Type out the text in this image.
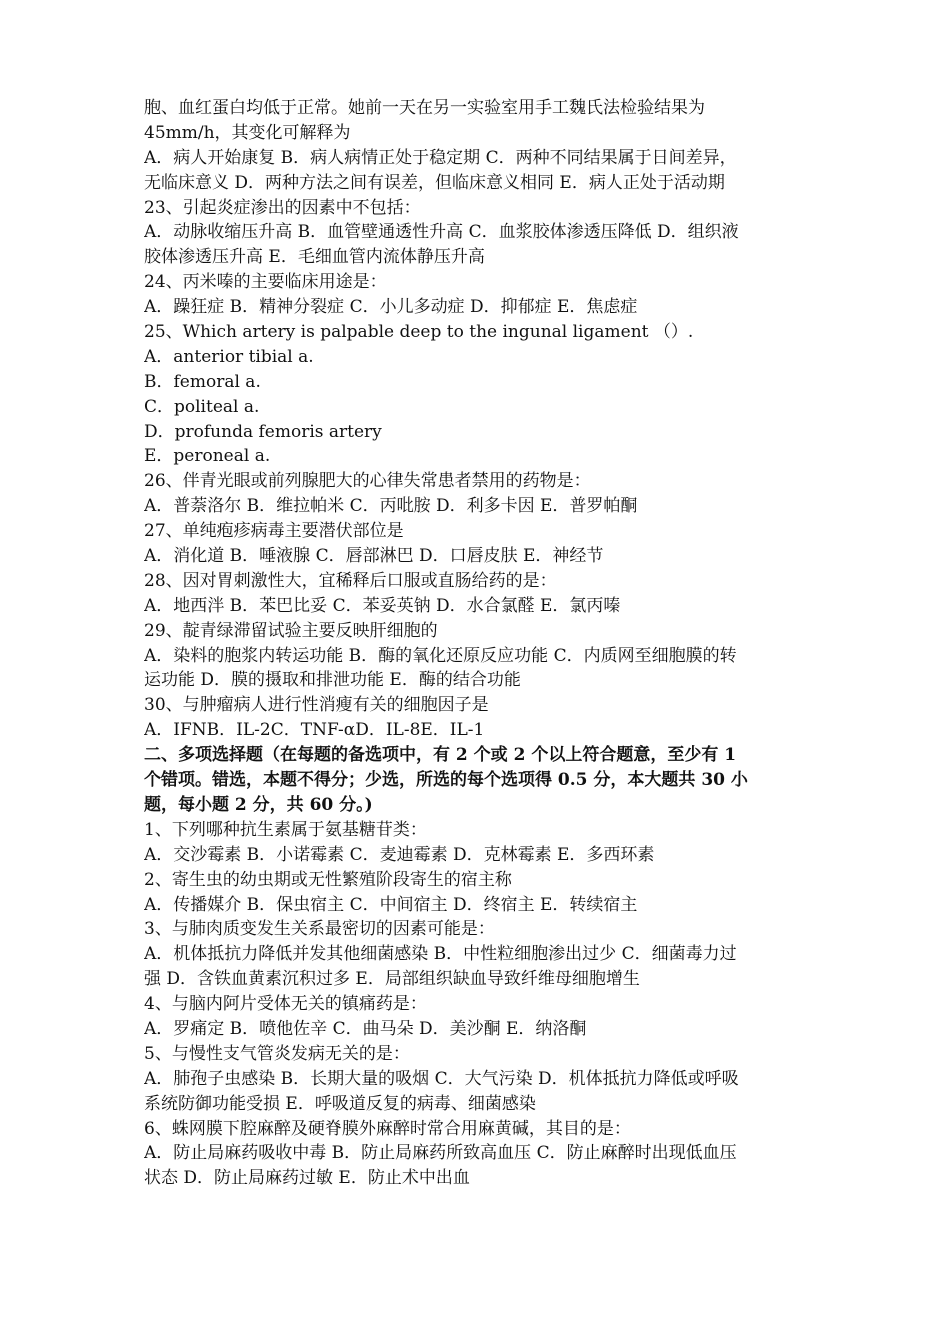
胞、血红蛋白均低于正常。她前一天在另一实验室用手工魏氏法检验结果为
45mm/h，其变化可解释为
A．病人开始康复 B．病人病情正处于稳定期 C．两种不同结果属于日间差异，
无临床意义 D．两种方法之间有误差，但临床意义相同 E．病人正处于活动期
23、引起炎症渗出的因素中不包括：
A．动脉收缩压升高 B．血管壁通透性升高 C．血浆胶体渗透压降低 D．组织液
胶体渗透压升高 E．毛细血管内流体静压升高
24、丙米嗪的主要临床用途是：
A．躁狂症 B．精神分裂症 C．小儿多动症 D．抑郁症 E．焦虑症
25、Which artery is palpable deep to the ingunal ligament （）.
A．anterior tibial a.
B．femoral a.
C．politeal a.
D．profunda femoris artery
E．peroneal a.
26、伴青光眼或前列腺肥大的心律失常患者禁用的药物是：
A．普萘洛尔 B．维拉帕米 C．丙吡胺 D．利多卡因 E．普罗帕酮
27、单纯疱疹病毒主要潜伏部位是
A．消化道 B．唾液腺 C．唇部淋巴 D．口唇皮肤 E．神经节
28、因对胃刺激性大，宜稀释后口服或直肠给药的是：
A．地西泮 B．苯巴比妥 C．苯妥英钠 D．水合氯醛 E．氯丙嗪
29、靛青绿滞留试验主要反映肝细胞的
A．染料的胞浆内转运功能 B．酶的氧化还原反应功能 C．内质网至细胞膜的转
运功能 D．膜的摄取和排泄功能 E．酶的结合功能
30、与肿瘤病人进行性消瘦有关的细胞因子是
A．IFNB．IL-2C．TNF-αD．IL-8E．IL-1
二、多项选择题（在每题的备选项中，有 2 个或 2 个以上符合题意，至少有 1
个错项。错选，本题不得分；少选，所选的每个选项得 0.5 分，本大题共 30 小
题，每小题 2 分，共 60 分。)
1、下列哪种抗生素属于氨基糖苷类：
A．交沙霉素 B．小诺霉素 C．麦迪霉素 D．克林霉素 E．多西环素
2、寄生虫的幼虫期或无性繁殖阶段寄生的宿主称
A．传播媒介 B．保虫宿主 C．中间宿主 D．终宿主 E．转续宿主
3、与肺肉质变发生关系最密切的因素可能是：
A．机体抵抗力降低并发其他细菌感染 B．中性粒细胞渗出过少 C．细菌毒力过
强 D．含铁血黄素沉积过多 E．局部组织缺血导致纤维母细胞增生
4、与脑内阿片受体无关的镇痛药是：
A．罗痛定 B．喷他佐辛 C．曲马朵 D．美沙酮 E．纳洛酮
5、与慢性支气管炎发病无关的是：
A．肺孢子虫感染 B．长期大量的吸烟 C．大气污染 D．机体抵抗力降低或呼吸
系统防御功能受损 E．呼吸道反复的病毒、细菌感染
6、蛛网膜下腔麻醉及硬脊膜外麻醉时常合用麻黄碱，其目的是：
A．防止局麻药吸收中毒 B．防止局麻药所致高血压 C．防止麻醉时出现低血压
状态 D．防止局麻药过敏 E．防止术中出血
